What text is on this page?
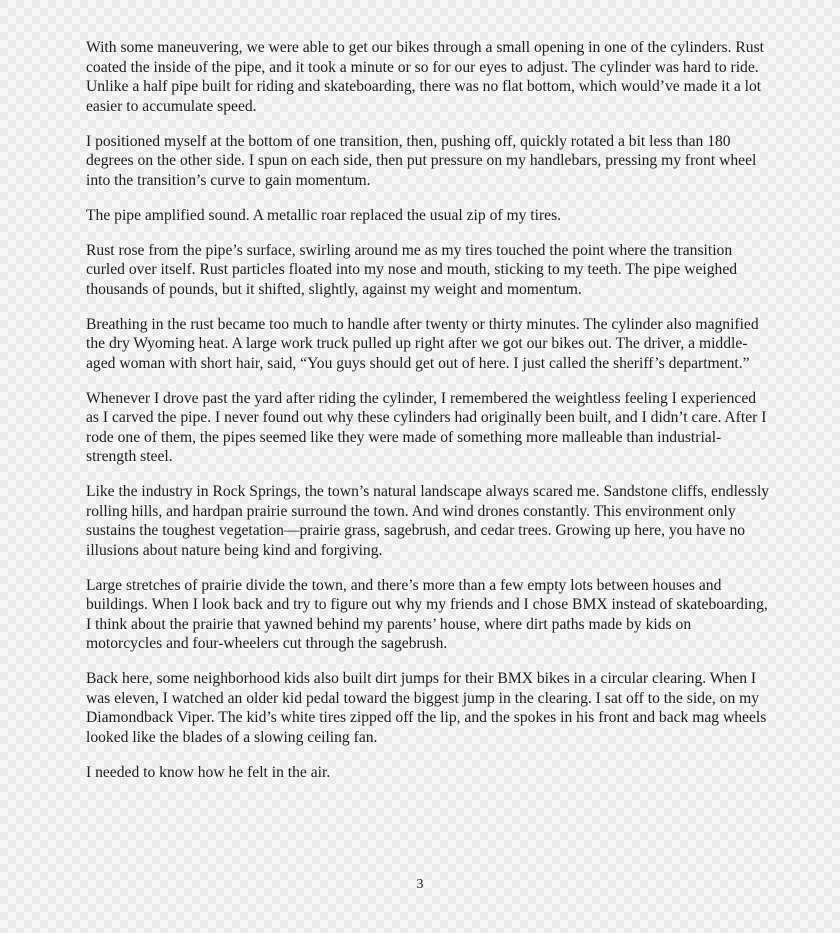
With some maneuvering, we were able to get our bikes through a small opening in one of the cylinders. Rust coated the inside of the pipe, and it took a minute or so for our eyes to adjust. The cylinder was hard to ride. Unlike a half pipe built for riding and skateboarding, there was no flat bottom, which would’ve made it a lot easier to accumulate speed.

I positioned myself at the bottom of one transition, then, pushing off, quickly rotated a bit less than 180 degrees on the other side. I spun on each side, then put pressure on my handlebars, pressing my front wheel into the transition’s curve to gain momentum.

The pipe amplified sound. A metallic roar replaced the usual zip of my tires.

Rust rose from the pipe’s surface, swirling around me as my tires touched the point where the transition curled over itself. Rust particles floated into my nose and mouth, sticking to my teeth. The pipe weighed thousands of pounds, but it shifted, slightly, against my weight and momentum.

Breathing in the rust became too much to handle after twenty or thirty minutes. The cylinder also magnified the dry Wyoming heat. A large work truck pulled up right after we got our bikes out. The driver, a middle-aged woman with short hair, said, “You guys should get out of here. I just called the sheriff’s department.”

Whenever I drove past the yard after riding the cylinder, I remembered the weightless feeling I experienced as I carved the pipe. I never found out why these cylinders had originally been built, and I didn’t care. After I rode one of them, the pipes seemed like they were made of something more malleable than industrial-strength steel.

Like the industry in Rock Springs, the town’s natural landscape always scared me. Sandstone cliffs, endlessly rolling hills, and hardpan prairie surround the town. And wind drones constantly. This environment only sustains the toughest vegetation—prairie grass, sagebrush, and cedar trees. Growing up here, you have no illusions about nature being kind and forgiving.

Large stretches of prairie divide the town, and there’s more than a few empty lots between houses and buildings. When I look back and try to figure out why my friends and I chose BMX instead of skateboarding, I think about the prairie that yawned behind my parents’ house, where dirt paths made by kids on motorcycles and four-wheelers cut through the sagebrush.

Back here, some neighborhood kids also built dirt jumps for their BMX bikes in a circular clearing. When I was eleven, I watched an older kid pedal toward the biggest jump in the clearing. I sat off to the side, on my Diamondback Viper. The kid’s white tires zipped off the lip, and the spokes in his front and back mag wheels looked like the blades of a slowing ceiling fan.

I needed to know how he felt in the air.

3
